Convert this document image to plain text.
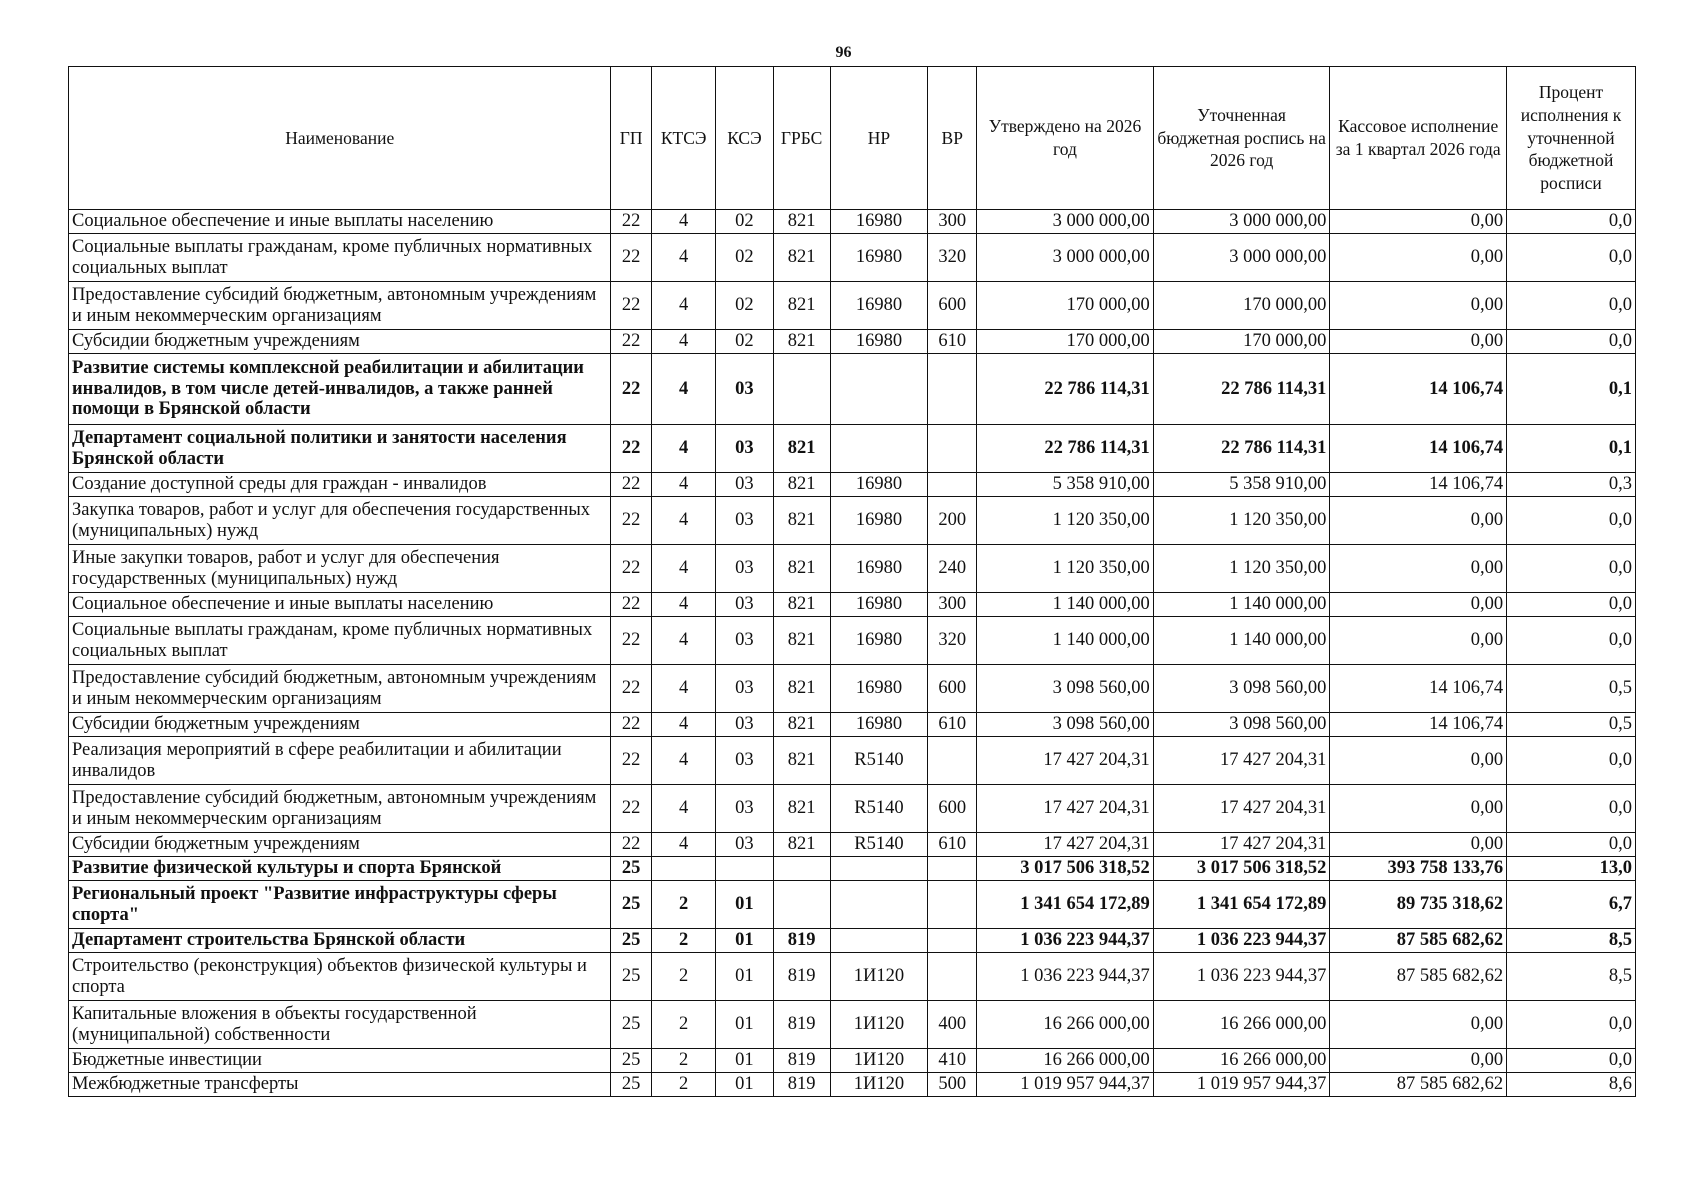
96
Наименование	ГП	КТСЭ	КСЭ	ГРБС	НР	ВР	Утверждено на 2026 год	Уточненная бюджетная роспись на 2026 год	Кассовое исполнение за 1 квартал 2026 года	Процент исполнения к уточненной бюджетной росписи
Социальное обеспечение и иные выплаты населению	22	4	02	821	16980	300	3 000 000,00	3 000 000,00	0,00	0,0
Социальные выплаты гражданам, кроме публичных нормативных социальных выплат	22	4	02	821	16980	320	3 000 000,00	3 000 000,00	0,00	0,0
Предоставление субсидий бюджетным, автономным учреждениям и иным некоммерческим организациям	22	4	02	821	16980	600	170 000,00	170 000,00	0,00	0,0
Субсидии бюджетным учреждениям	22	4	02	821	16980	610	170 000,00	170 000,00	0,00	0,0
Развитие системы комплексной реабилитации и абилитации инвалидов, в том числе детей-инвалидов, а также ранней помощи в Брянской области	22	4	03				22 786 114,31	22 786 114,31	14 106,74	0,1
Департамент социальной политики и занятости населения Брянской области	22	4	03	821			22 786 114,31	22 786 114,31	14 106,74	0,1
Создание доступной среды для граждан - инвалидов	22	4	03	821	16980		5 358 910,00	5 358 910,00	14 106,74	0,3
Закупка товаров, работ и услуг для обеспечения государственных (муниципальных) нужд	22	4	03	821	16980	200	1 120 350,00	1 120 350,00	0,00	0,0
Иные закупки товаров, работ и услуг для обеспечения государственных (муниципальных) нужд	22	4	03	821	16980	240	1 120 350,00	1 120 350,00	0,00	0,0
Социальное обеспечение и иные выплаты населению	22	4	03	821	16980	300	1 140 000,00	1 140 000,00	0,00	0,0
Социальные выплаты гражданам, кроме публичных нормативных социальных выплат	22	4	03	821	16980	320	1 140 000,00	1 140 000,00	0,00	0,0
Предоставление субсидий бюджетным, автономным учреждениям и иным некоммерческим организациям	22	4	03	821	16980	600	3 098 560,00	3 098 560,00	14 106,74	0,5
Субсидии бюджетным учреждениям	22	4	03	821	16980	610	3 098 560,00	3 098 560,00	14 106,74	0,5
Реализация мероприятий в сфере реабилитации и абилитации инвалидов	22	4	03	821	R5140		17 427 204,31	17 427 204,31	0,00	0,0
Предоставление субсидий бюджетным, автономным учреждениям и иным некоммерческим организациям	22	4	03	821	R5140	600	17 427 204,31	17 427 204,31	0,00	0,0
Субсидии бюджетным учреждениям	22	4	03	821	R5140	610	17 427 204,31	17 427 204,31	0,00	0,0
Развитие физической культуры и спорта Брянской	25						3 017 506 318,52	3 017 506 318,52	393 758 133,76	13,0
Региональный проект "Развитие инфраструктуры сферы спорта"	25	2	01				1 341 654 172,89	1 341 654 172,89	89 735 318,62	6,7
Департамент строительства Брянской области	25	2	01	819			1 036 223 944,37	1 036 223 944,37	87 585 682,62	8,5
Строительство (реконструкция) объектов физической культуры и спорта	25	2	01	819	1И120		1 036 223 944,37	1 036 223 944,37	87 585 682,62	8,5
Капитальные вложения в объекты государственной (муниципальной) собственности	25	2	01	819	1И120	400	16 266 000,00	16 266 000,00	0,00	0,0
Бюджетные инвестиции	25	2	01	819	1И120	410	16 266 000,00	16 266 000,00	0,00	0,0
Межбюджетные трансферты	25	2	01	819	1И120	500	1 019 957 944,37	1 019 957 944,37	87 585 682,62	8,6
